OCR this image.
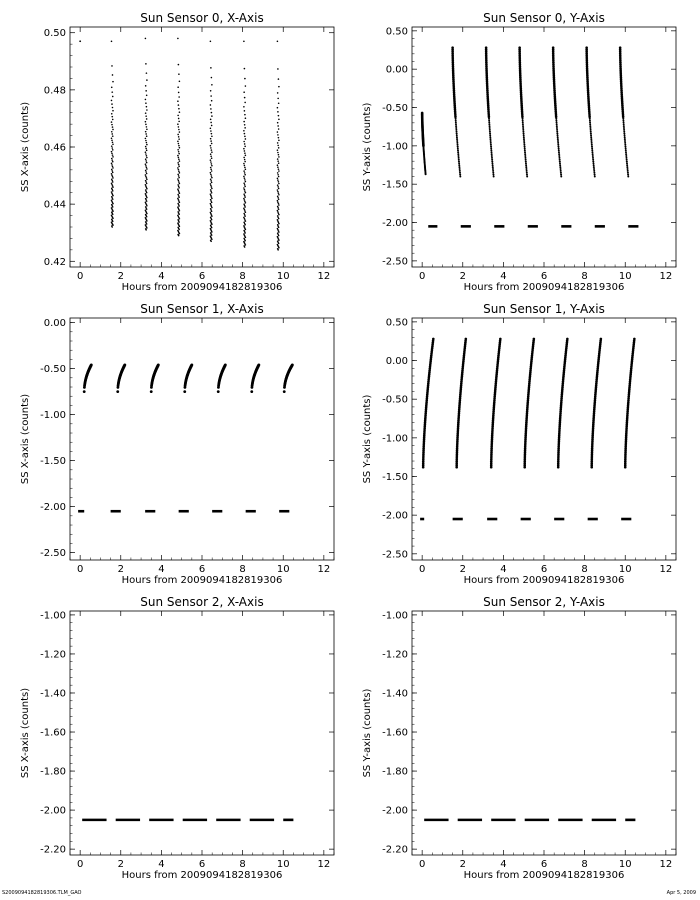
Sun Sensor 0, X-Axis
Hours from 2009094182819306
SS X-axis (counts)
0	2	4	6	8	10	12
0.42
0.44
0.46
0.48
0.50
Sun Sensor 0, Y-Axis
Hours from 2009094182819306
SS Y-axis (counts)
0	2	4	6	8	10	12
-2.50
-2.00
-1.50
-1.00
-0.50
0.00
0.50
Sun Sensor 1, X-Axis
Hours from 2009094182819306
SS X-axis (counts)
0	2	4	6	8	10	12
-2.50
-2.00
-1.50
-1.00
-0.50
0.00
Sun Sensor 1, Y-Axis
Hours from 2009094182819306
SS Y-axis (counts)
0	2	4	6	8	10	12
-2.50
-2.00
-1.50
-1.00
-0.50
0.00
0.50
Sun Sensor 2, X-Axis
Hours from 2009094182819306
SS X-axis (counts)
0	2	4	6	8	10	12
-2.20
-2.00
-1.80
-1.60
-1.40
-1.20
-1.00
Sun Sensor 2, Y-Axis
Hours from 2009094182819306
SS Y-axis (counts)
0	2	4	6	8	10	12
-2.20
-2.00
-1.80
-1.60
-1.40
-1.20
-1.00
S2009094182819306.TLM_GAO	Apr 5, 2009
